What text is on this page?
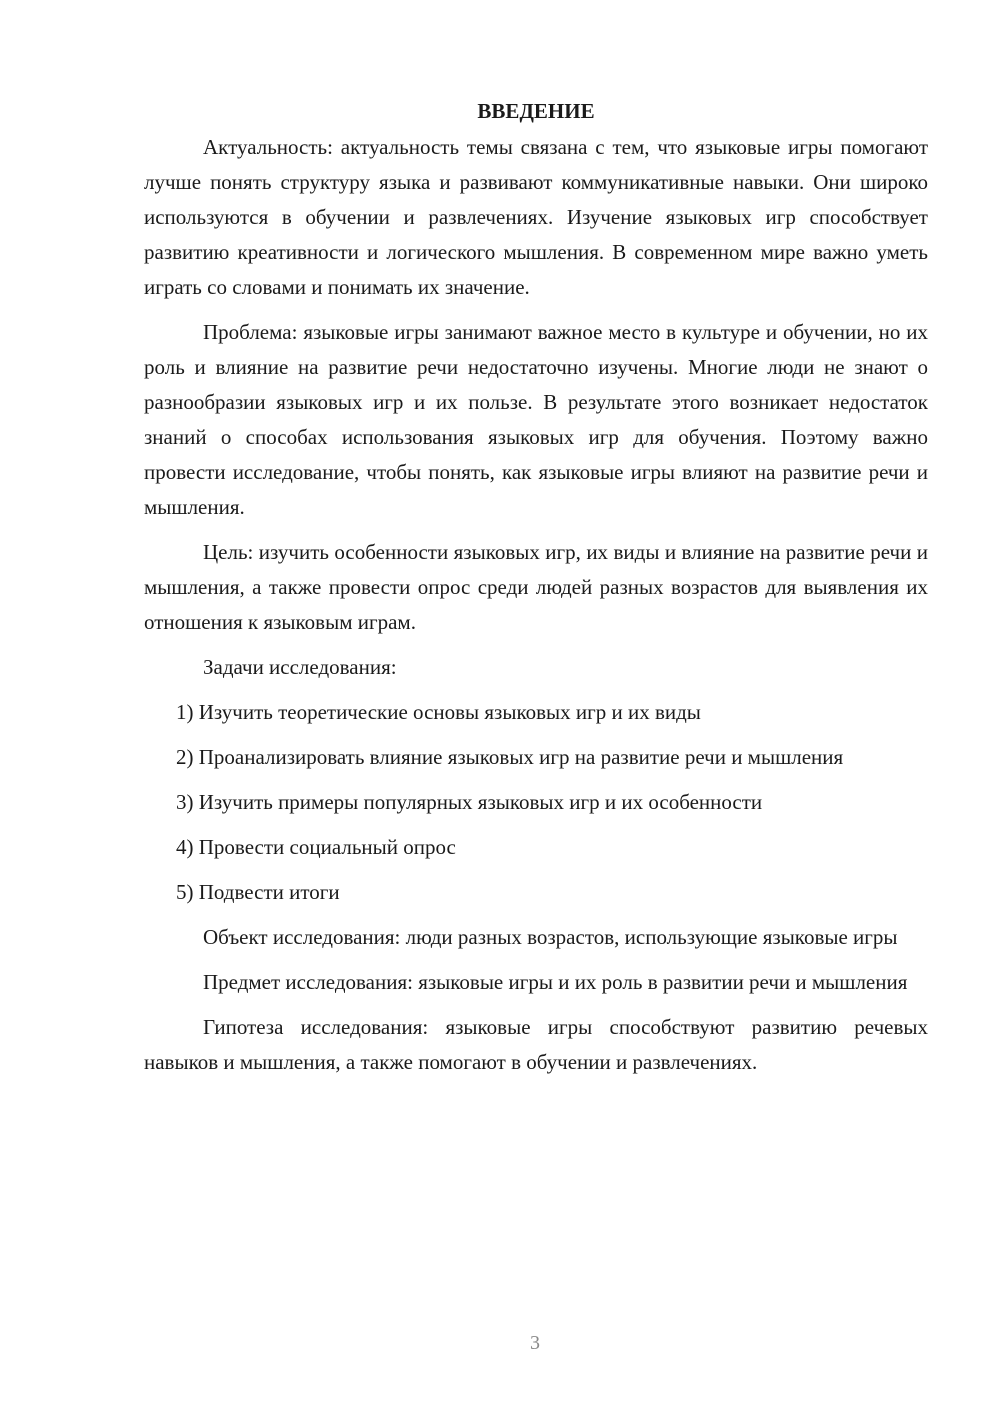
ВВЕДЕНИЕ

Актуальность: актуальность темы связана с тем, что языковые игры помогают лучше понять структуру языка и развивают коммуникативные навыки. Они широко используются в обучении и развлечениях. Изучение языковых игр способствует развитию креативности и логического мышления. В современном мире важно уметь играть со словами и понимать их значение.

Проблема: языковые игры занимают важное место в культуре и обучении, но их роль и влияние на развитие речи недостаточно изучены. Многие люди не знают о разнообразии языковых игр и их пользе. В результате этого возникает недостаток знаний о способах использования языковых игр для обучения. Поэтому важно провести исследование, чтобы понять, как языковые игры влияют на развитие речи и мышления.

Цель: изучить особенности языковых игр, их виды и влияние на развитие речи и мышления, а также провести опрос среди людей разных возрастов для выявления их отношения к языковым играм.

Задачи исследования:

1) Изучить теоретические основы языковых игр и их виды

2) Проанализировать влияние языковых игр на развитие речи и мышления

3) Изучить примеры популярных языковых игр и их особенности

4) Провести социальный опрос

5) Подвести итоги

Объект исследования: люди разных возрастов, использующие языковые игры

Предмет исследования: языковые игры и их роль в развитии речи и мышления

Гипотеза исследования: языковые игры способствуют развитию речевых навыков и мышления, а также помогают в обучении и развлечениях.

3
